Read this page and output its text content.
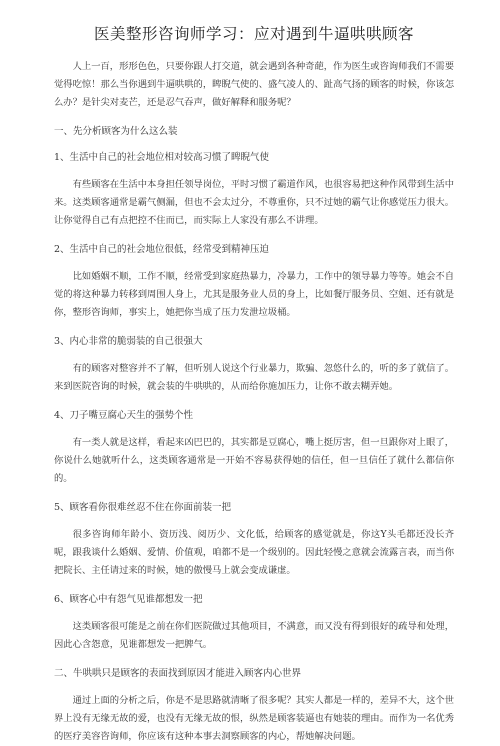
医美整形咨询师学习：应对遇到牛逼哄哄顾客

人上一百，形形色色，只要你跟人打交道，就会遇到各种奇葩，作为医生或咨询师我们不需要觉得吃惊！那么当你遇到牛逼哄哄的，睥睨气使的、盛气凌人的、趾高气扬的顾客的时候，你该怎么办？是针尖对麦芒，还是忍气吞声，做好解释和服务呢？

一、先分析顾客为什么这么装
1、生活中自己的社会地位相对较高习惯了睥睨气使

有些顾客在生活中本身担任领导岗位，平时习惯了霸道作风，也很容易把这种作风带到生活中来。这类顾客通常是霸气侧漏，但也不会太过分，不尊重你，只不过她的霸气让你感觉压力很大。让你觉得自己有点把控不住而已，而实际上人家没有那么不讲理。

2、生活中自己的社会地位很低，经常受到精神压迫

比如婚姻不顺，工作不顺，经常受到家庭热暴力，冷暴力，工作中的领导暴力等等。她会不自觉的将这种暴力转移到周围人身上，尤其是服务业人员的身上，比如餐厅服务员、空姐、还有就是你，整形咨询师，事实上，她把你当成了压力发泄垃圾桶。

3、内心非常的脆弱装的自己很强大

有的顾客对整容并不了解，但听别人说这个行业暴力，欺骗、忽悠什么的，听的多了就信了。来到医院咨询的时候，就会装的牛哄哄的，从而给你施加压力，让你不敢去糊弄她。

4、刀子嘴豆腐心天生的强势个性

有一类人就是这样，看起来凶巴巴的，其实都是豆腐心，嘴上挺厉害，但一旦跟你对上眼了，你说什么她就听什么，这类顾客通常是一开始不容易获得她的信任，但一旦信任了就什么都信你的。

5、顾客看你很难丝忍不住在你面前装一把

很多咨询师年龄小、资历浅、阅历少、文化低，给顾客的感觉就是，你这Y头毛都还没长齐呢，跟我谈什么婚姻、爱情、价值观，咱都不是一个级别的。因此轻慢之意就会流露言表，而当你把院长、主任请过来的时候，她的傲慢马上就会变成谦虚。

6、顾客心中有怨气见谁都想发一把

这类顾客很可能是之前在你们医院做过其他项目，不满意，而又没有得到很好的疏导和处理，因此心含怨意，见谁都想发一把脾气。

二、牛哄哄只是顾客的表面找到原因才能进入顾客内心世界

通过上面的分析之后，你是不是思路就清晰了很多呢？其实人都是一样的，差异不大，这个世界上没有无缘无故的爱，也没有无缘无故的恨，纵然是顾客装逼也有她装的理由。而作为一名优秀的医疗美容咨询师，你应该有这种本事去洞察顾客的内心，帮她解决问题。
